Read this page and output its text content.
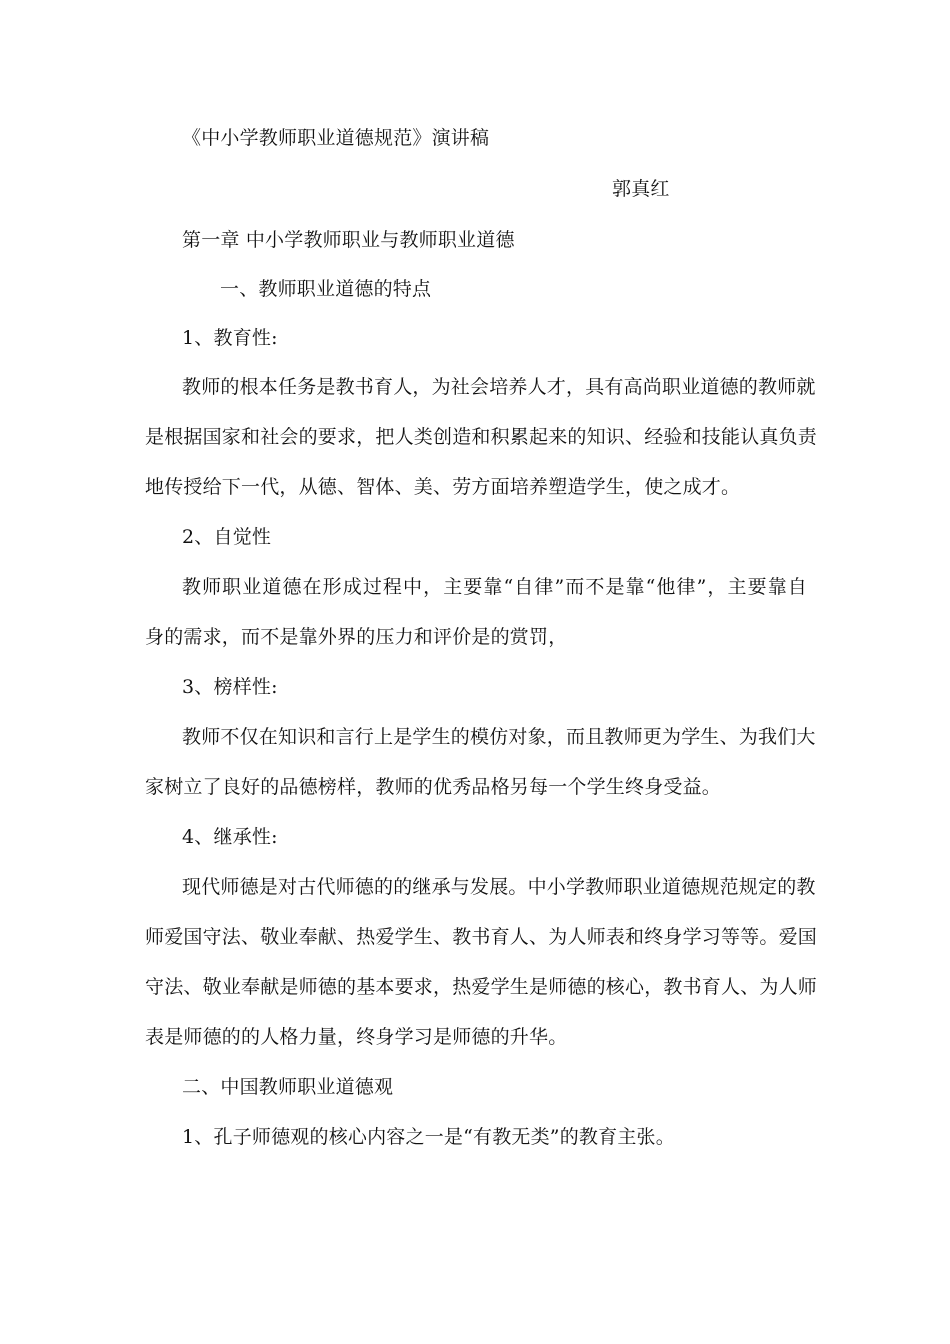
《中小学教师职业道德规范》演讲稿
郭真红
第一章 中小学教师职业与教师职业道德
一、教师职业道德的特点
1、教育性:
教师的根本任务是教书育人，为社会培养人才，具有高尚职业道德的教师就
是根据国家和社会的要求，把人类创造和积累起来的知识、经验和技能认真负责
地传授给下一代，从德、智体、美、劳方面培养塑造学生，使之成才。
2、自觉性
教师职业道德在形成过程中，主要靠“自律”而不是靠“他律”，主要靠自
身的需求，而不是靠外界的压力和评价是的赏罚，
3、榜样性:
教师不仅在知识和言行上是学生的模仿对象，而且教师更为学生、为我们大
家树立了良好的品德榜样，教师的优秀品格另每一个学生终身受益。
4、继承性:
现代师德是对古代师德的的继承与发展。中小学教师职业道德规范规定的教
师爱国守法、敬业奉献、热爱学生、教书育人、为人师表和终身学习等等。爱国
守法、敬业奉献是师德的基本要求，热爱学生是师德的核心，教书育人、为人师
表是师德的的人格力量，终身学习是师德的升华。
二、中国教师职业道德观
1、孔子师德观的核心内容之一是“有教无类”的教育主张。
